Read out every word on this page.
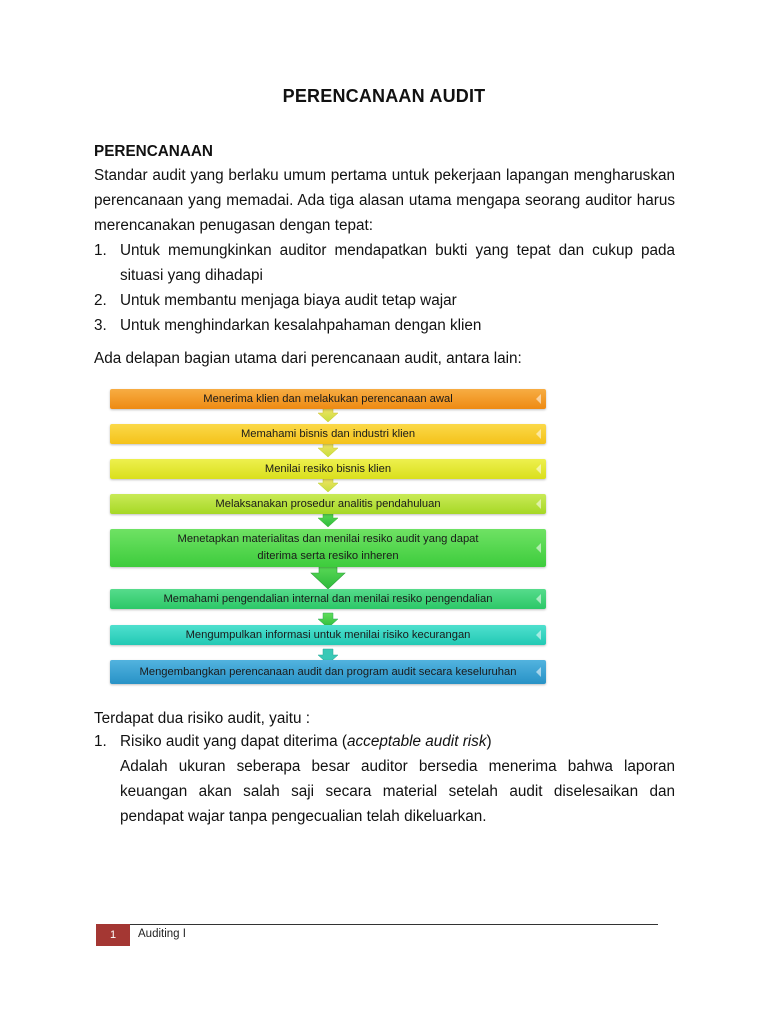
PERENCANAAN AUDIT
PERENCANAAN
Standar audit yang berlaku umum pertama untuk pekerjaan lapangan mengharuskan perencanaan yang memadai. Ada tiga alasan utama mengapa seorang auditor harus merencanakan penugasan dengan tepat:
1. Untuk memungkinkan auditor mendapatkan bukti yang tepat dan cukup pada situasi yang dihadapi
2. Untuk membantu menjaga biaya audit tetap wajar
3. Untuk menghindarkan kesalahpahaman dengan klien
Ada delapan bagian utama dari perencanaan audit, antara lain:
Menerima klien dan melakukan perencanaan awal
Memahami bisnis dan industri klien
Menilai resiko bisnis klien
Melaksanakan prosedur analitis pendahuluan
Menetapkan materialitas dan menilai resiko audit yang dapat diterima serta resiko inheren
Memahami pengendalian internal dan menilai resiko pengendalian
Mengumpulkan informasi untuk menilai risiko kecurangan
Mengembangkan perencanaan audit dan program audit secara keseluruhan
Terdapat dua risiko audit, yaitu :
1. Risiko audit yang dapat diterima (acceptable audit risk)
Adalah ukuran seberapa besar auditor bersedia menerima bahwa laporan keuangan akan salah saji secara material setelah audit diselesaikan dan pendapat wajar tanpa pengecualian telah dikeluarkan.
1 Auditing I
